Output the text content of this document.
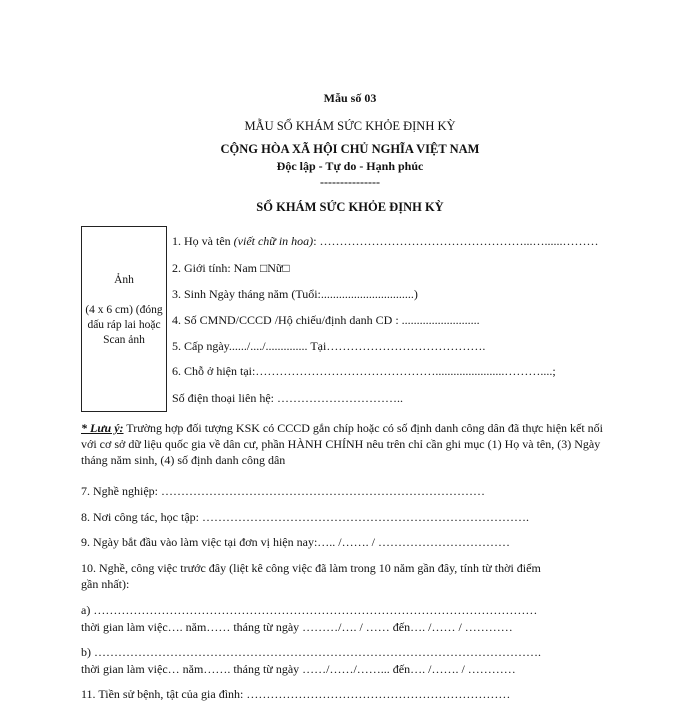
Mẫu số 03
MẪU SỔ KHÁM SỨC KHỎE ĐỊNH KỲ
CỘNG HÒA XÃ HỘI CHỦ NGHĨA VIỆT NAM
Độc lập - Tự do - Hạnh phúc
---------------
SỔ KHÁM SỨC KHỎE ĐỊNH KỲ
Ảnh
(4 x 6 cm) (đóng dấu ráp lai hoặc Scan ảnh
1. Họ và tên (viết chữ in hoa): ……………………………………………...…......………
2. Giới tính: Nam □Nữ□
3. Sinh Ngày tháng năm (Tuổi:...............................)
4. Số CMND/CCCD /Hộ chiếu/định danh CD : ..........................
5. Cấp ngày....../..../.............. Tại………………………………….
6. Chỗ ở hiện tại:……………………………………….......................………....;
Số điện thoại liên hệ: …………………………..
* Lưu ý: Trường hợp đối tượng KSK có CCCD gắn chíp hoặc có số định danh công dân đã thực hiện kết nối với cơ sở dữ liệu quốc gia về dân cư, phần HÀNH CHÍNH nêu trên chỉ cần ghi mục (1) Họ và tên, (3) Ngày tháng năm sinh, (4) số định danh công dân
7. Nghề nghiệp: ………………………………………………………………………
8. Nơi công tác, học tập: ……………………………………………………………………….
9. Ngày bắt đầu vào làm việc tại đơn vị hiện nay:….. /……. / ……………………………
10. Nghề, công việc trước đây (liệt kê công việc đã làm trong 10 năm gần đây, tính từ thời điểm
gần nhất):
a) …………………………………………………………………………………………………
thời gian làm việc…. năm…… tháng từ ngày ………/…. / …… đến…. /…… / …………
b) ………………………………………………………………………………………………….
thời gian làm việc… năm……. tháng từ ngày ……/……/……... đến…. /……. / …………
11. Tiền sử bệnh, tật của gia đình: …………………………………………………………
